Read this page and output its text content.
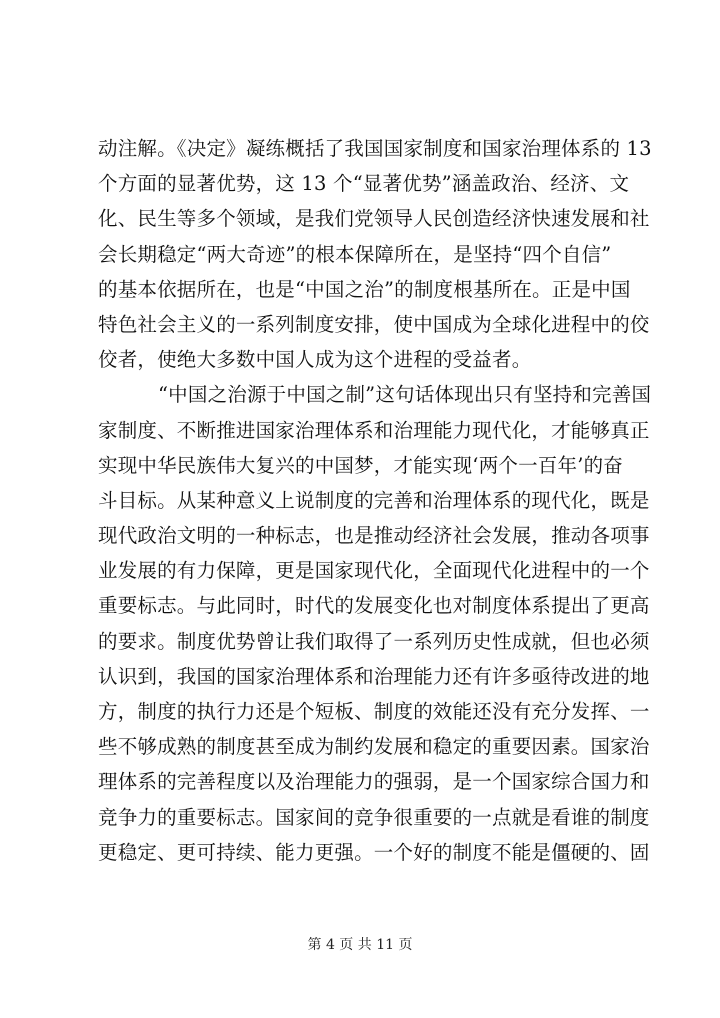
动注解。《决定》凝练概括了我国国家制度和国家治理体系的 13
个方面的显著优势，这 13 个“显著优势”涵盖政治、经济、文
化、民生等多个领域，是我们党领导人民创造经济快速发展和社
会长期稳定“两大奇迹”的根本保障所在，是坚持“四个自信”
的基本依据所在，也是“中国之治”的制度根基所在。正是中国
特色社会主义的一系列制度安排，使中国成为全球化进程中的佼
佼者，使绝大多数中国人成为这个进程的受益者。
“中国之治源于中国之制”这句话体现出只有坚持和完善国
家制度、不断推进国家治理体系和治理能力现代化，才能够真正
实现中华民族伟大复兴的中国梦，才能实现‘两个一百年’的奋
斗目标。从某种意义上说制度的完善和治理体系的现代化，既是
现代政治文明的一种标志，也是推动经济社会发展，推动各项事
业发展的有力保障，更是国家现代化，全面现代化进程中的一个
重要标志。与此同时，时代的发展变化也对制度体系提出了更高
的要求。制度优势曾让我们取得了一系列历史性成就，但也必须
认识到，我国的国家治理体系和治理能力还有许多亟待改进的地
方，制度的执行力还是个短板、制度的效能还没有充分发挥、一
些不够成熟的制度甚至成为制约发展和稳定的重要因素。国家治
理体系的完善程度以及治理能力的强弱，是一个国家综合国力和
竞争力的重要标志。国家间的竞争很重要的一点就是看谁的制度
更稳定、更可持续、能力更强。一个好的制度不能是僵硬的、固
第 4 页 共 11 页
